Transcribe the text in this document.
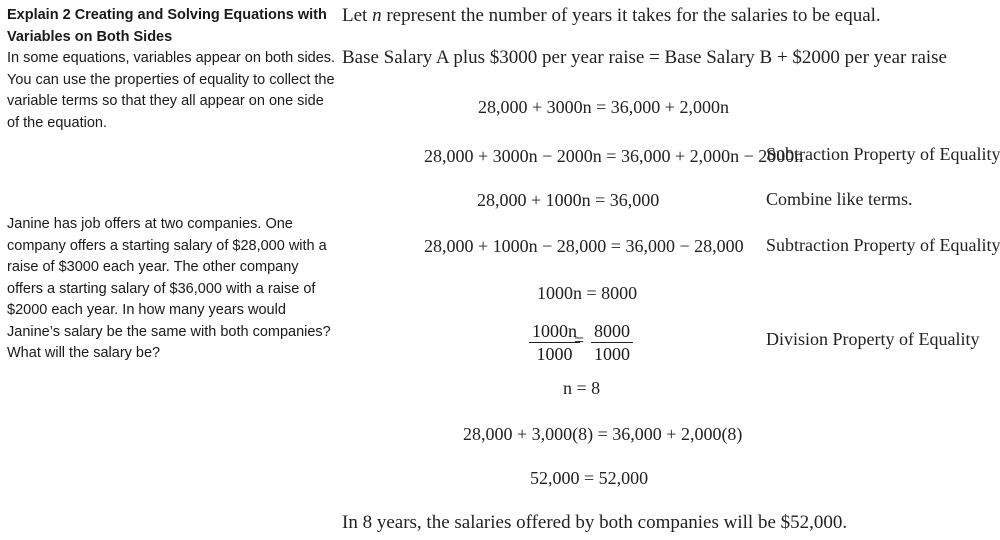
Explain 2 Creating and Solving Equations with Variables on Both Sides

In some equations, variables appear on both sides. You can use the properties of equality to collect the variable terms so that they all appear on one side of the equation.

Janine has job offers at two companies. One company offers a starting salary of $28,000 with a raise of $3000 each year. The other company offers a starting salary of $36,000 with a raise of $2000 each year. In how many years would Janine’s salary be the same with both companies? What will the salary be?

Let n represent the number of years it takes for the salaries to be equal.
Base Salary A plus $3000 per year raise = Base Salary B + $2000 per year raise
28,000 + 3000n = 36,000 + 2,000n
28,000 + 3000n − 2000n = 36,000 + 2,000n − 2000n
Subtraction Property of Equality
28,000 + 1000n = 36,000	Combine like terms.
28,000 + 1000n − 28,000 = 36,000 − 28,000 Subtraction Property of Equality
1000n = 8000
$\frac{1000n}{1000}$
= $\frac{8000}{1000}$	Division Property of Equality
n = 8
28,000 + 3,000(8) = 36,000 + 2,000(8)
52,000 = 52,000
In 8 years, the salaries offered by both companies will be $52,000.
